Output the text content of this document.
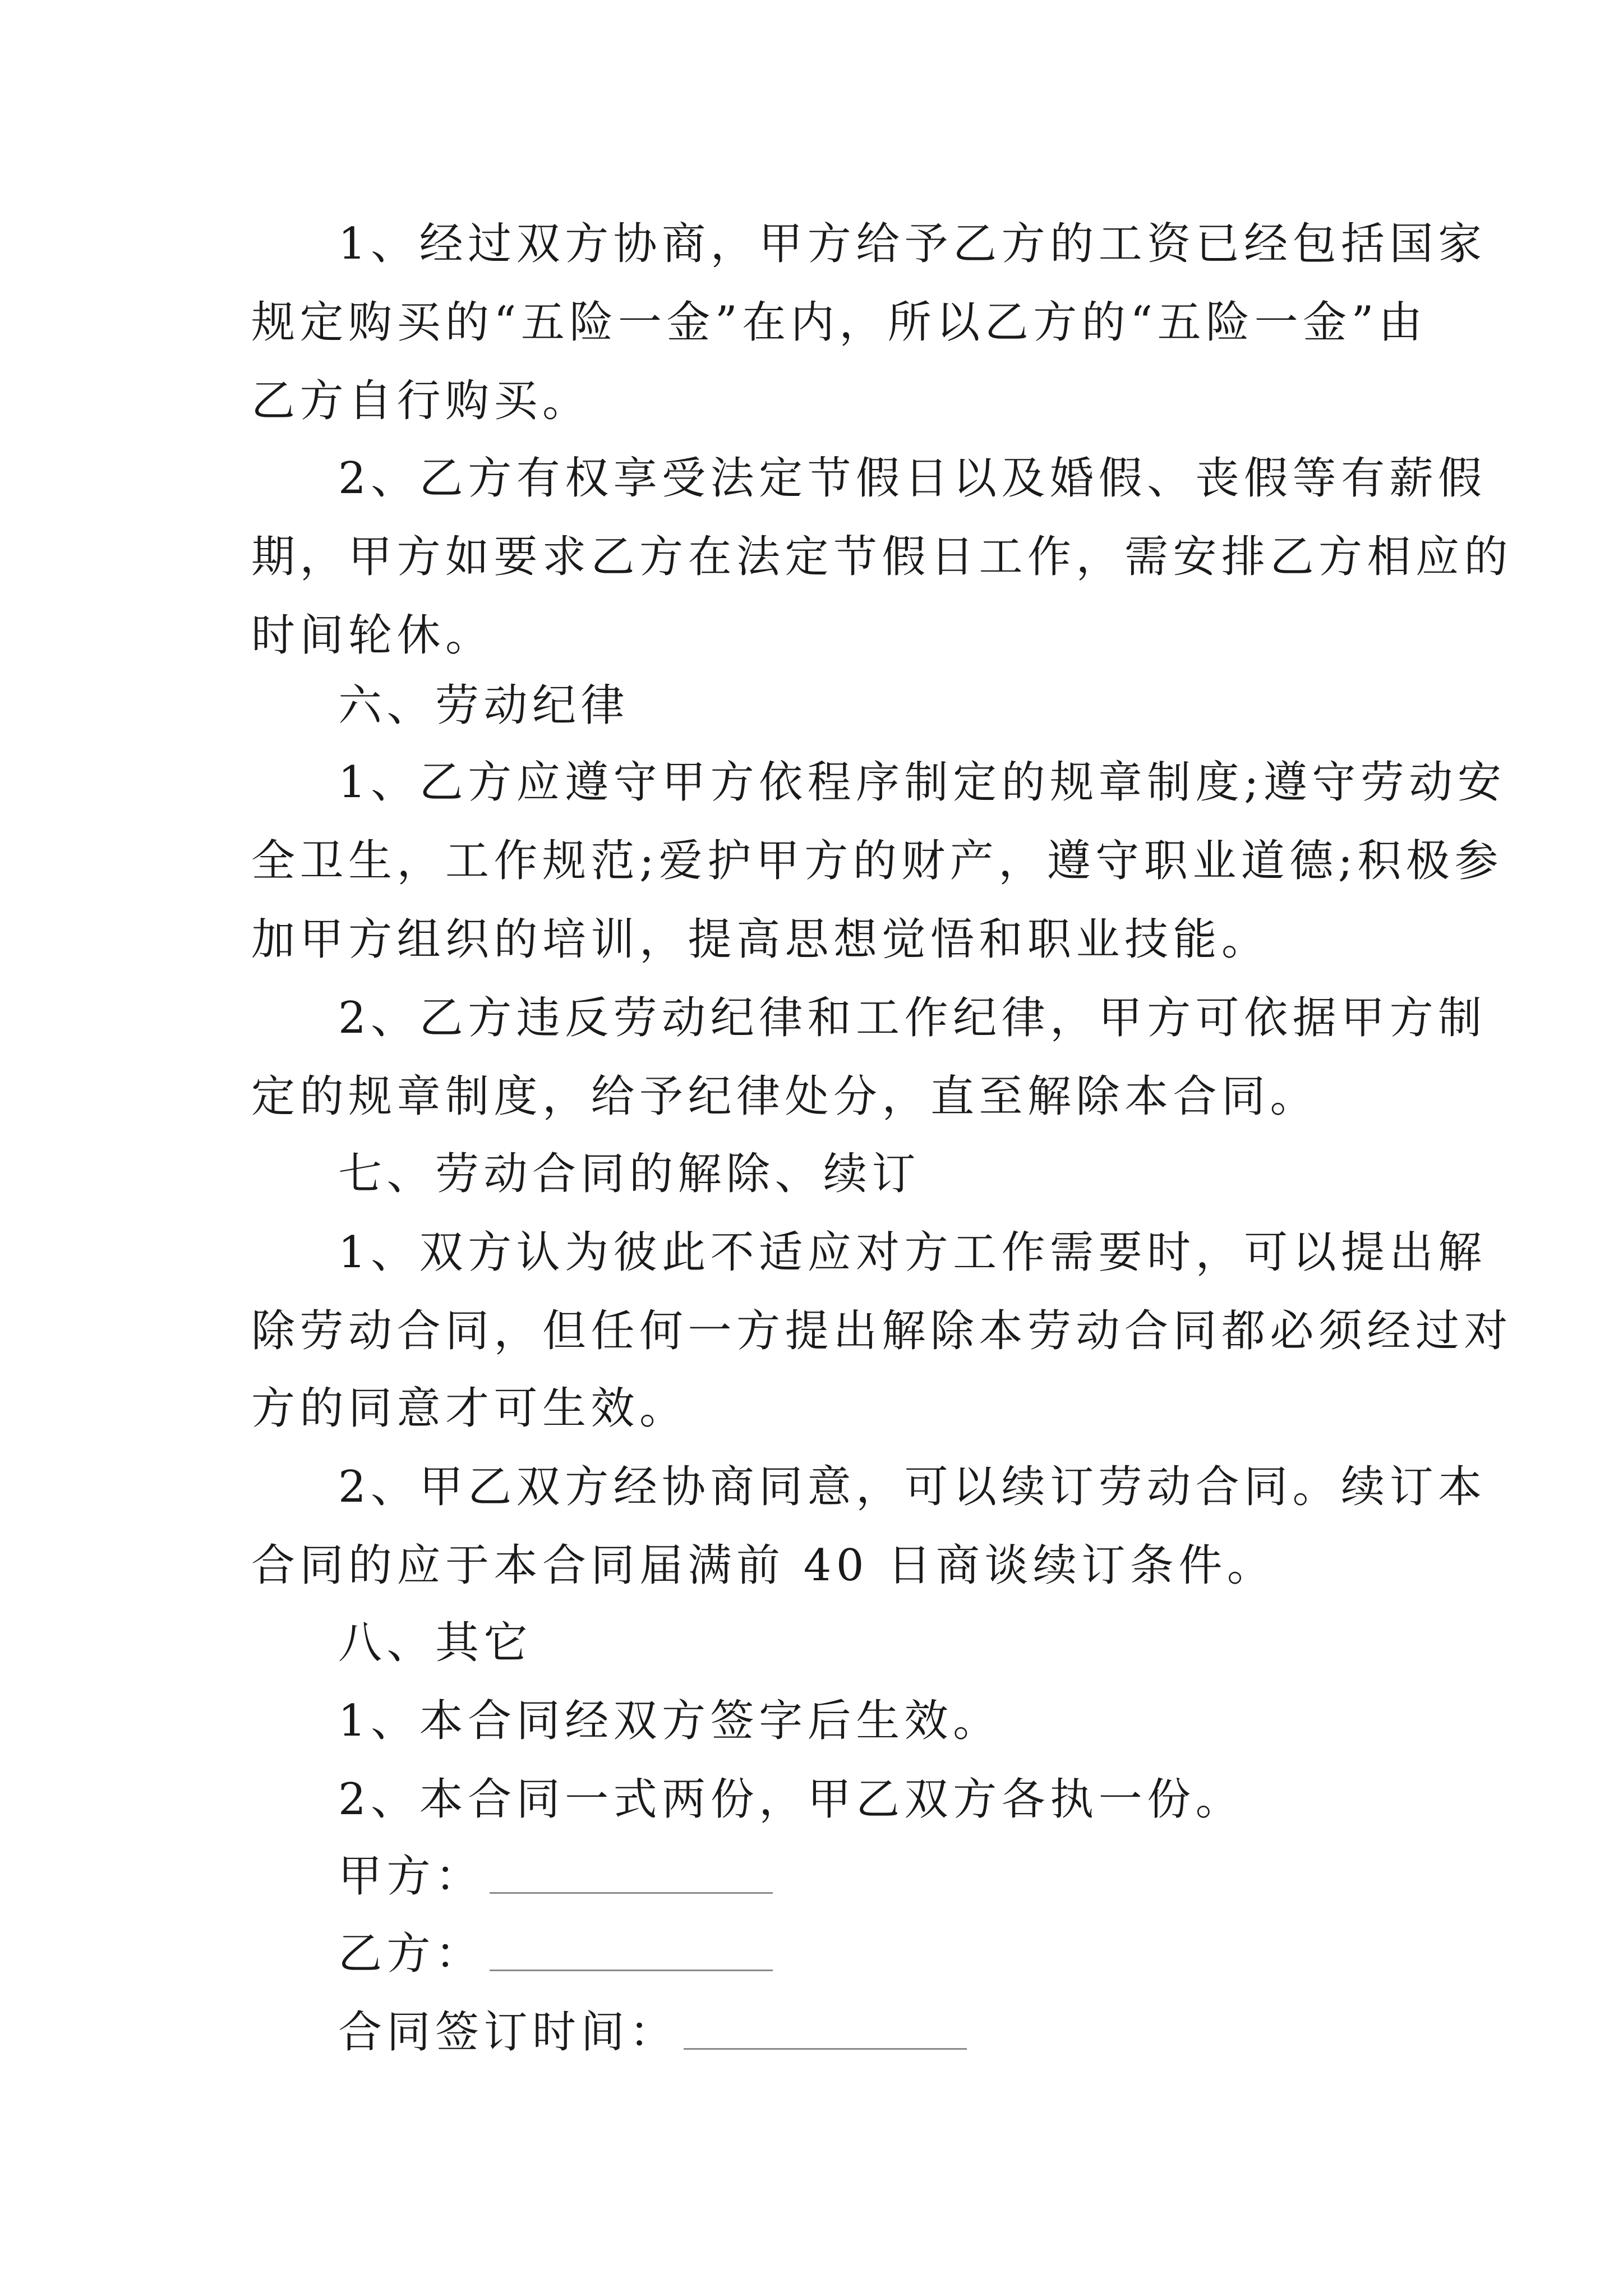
1、经过双方协商，甲方给予乙方的工资已经包括国家

规定购买的“五险一金”在内，所以乙方的“五险一金”由

乙方自行购买。

2、乙方有权享受法定节假日以及婚假、丧假等有薪假

期，甲方如要求乙方在法定节假日工作，需安排乙方相应的

时间轮休。

六、劳动纪律

1、乙方应遵守甲方依程序制定的规章制度;遵守劳动安

全卫生，工作规范;爱护甲方的财产，遵守职业道德;积极参

加甲方组织的培训，提高思想觉悟和职业技能。

2、乙方违反劳动纪律和工作纪律，甲方可依据甲方制

定的规章制度，给予纪律处分，直至解除本合同。

七、劳动合同的解除、续订

1、双方认为彼此不适应对方工作需要时，可以提出解

除劳动合同，但任何一方提出解除本劳动合同都必须经过对

方的同意才可生效。

2、甲乙双方经协商同意，可以续订劳动合同。续订本

合同的应于本合同届满前 40 日商谈续订条件。

八、其它

1、本合同经双方签字后生效。

2、本合同一式两份，甲乙双方各执一份。

甲方：
乙方：
合同签订时间：
